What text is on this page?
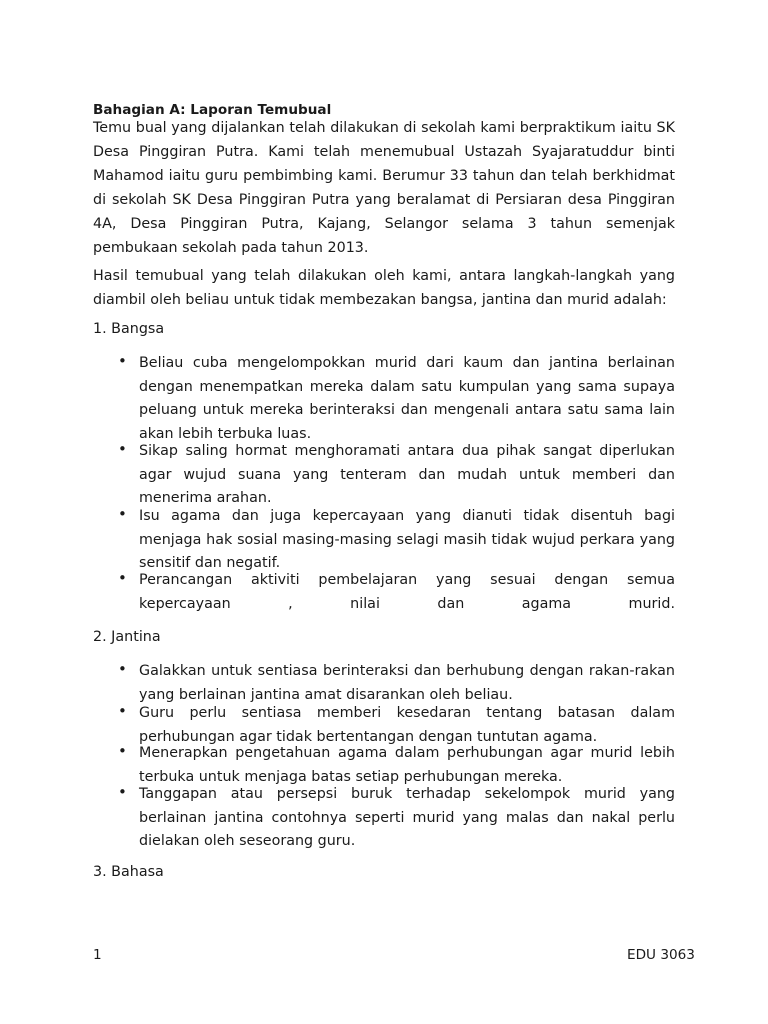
Bahagian A: Laporan Temubual
Temu bual yang dijalankan telah dilakukan di sekolah kami berpraktikum iaitu SK Desa Pinggiran Putra. Kami telah menemubual Ustazah Syajaratuddur binti Mahamod iaitu guru pembimbing kami. Berumur 33 tahun dan telah berkhidmat di sekolah SK Desa Pinggiran Putra yang beralamat di Persiaran desa Pinggiran 4A, Desa Pinggiran Putra, Kajang, Selangor selama 3 tahun semenjak pembukaan sekolah pada tahun 2013.
Hasil temubual yang telah dilakukan oleh kami, antara langkah-langkah yang diambil oleh beliau untuk tidak membezakan bangsa, jantina dan murid adalah:
1. Bangsa
• Beliau cuba mengelompokkan murid dari kaum dan jantina berlainan dengan menempatkan mereka dalam satu kumpulan yang sama supaya peluang untuk mereka berinteraksi dan mengenali antara satu sama lain akan lebih terbuka luas.
• Sikap saling hormat menghoramati antara dua pihak sangat diperlukan agar wujud suana yang tenteram dan mudah untuk memberi dan menerima arahan.
• Isu agama dan juga kepercayaan yang dianuti tidak disentuh bagi menjaga hak sosial masing-masing selagi masih tidak wujud perkara yang sensitif dan negatif.
• Perancangan aktiviti pembelajaran yang sesuai dengan semua kepercayaan , nilai dan agama murid.
2. Jantina
• Galakkan untuk sentiasa berinteraksi dan berhubung dengan rakan-rakan yang berlainan jantina amat disarankan oleh beliau.
• Guru perlu sentiasa memberi kesedaran tentang batasan dalam perhubungan agar tidak bertentangan dengan tuntutan agama.
• Menerapkan pengetahuan agama dalam perhubungan agar murid lebih terbuka untuk menjaga batas setiap perhubungan mereka.
• Tanggapan atau persepsi buruk terhadap sekelompok murid yang berlainan jantina contohnya seperti murid yang malas dan nakal perlu dielakan oleh seseorang guru.
3. Bahasa
1	EDU 3063
